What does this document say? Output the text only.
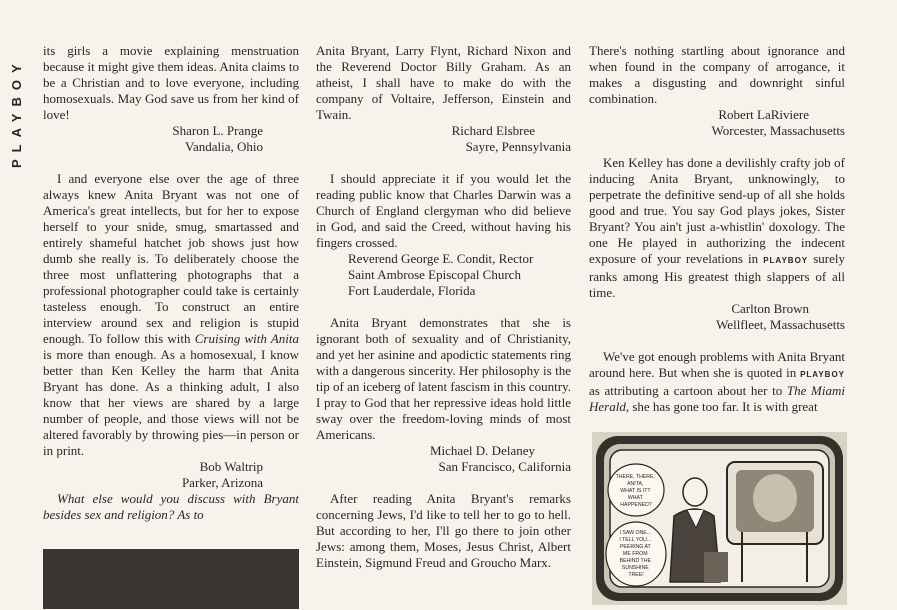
PLAYBOY

its girls a movie explaining menstruation because it might give them ideas. Anita claims to be a Christian and to love everyone, including homosexuals. May God save us from her kind of love!

Sharon L. Prange
Vandalia, Ohio

I and everyone else over the age of three always knew Anita Bryant was not one of America's great intellects, but for her to expose herself to your snide, smug, smartassed and entirely shameful hatchet job shows just how dumb she really is. To deliberately choose the three most unflattering photographs that a professional photographer could take is certainly tasteless enough. To construct an entire interview around sex and religion is stupid enough. To follow this with Cruising with Anita is more than enough. As a homosexual, I know better than Ken Kelley the harm that Anita Bryant has done. As a thinking adult, I also know that her views are shared by a large number of people, and those views will not be altered favorably by throwing pies—in person or in print.

Bob Waltrip
Parker, Arizona

What else would you discuss with Bryant besides sex and religion? As to

Anita Bryant, Larry Flynt, Richard Nixon and the Reverend Doctor Billy Graham. As an atheist, I shall have to make do with the company of Voltaire, Jefferson, Einstein and Twain.

Richard Elsbree
Sayre, Pennsylvania

I should appreciate it if you would let the reading public know that Charles Darwin was a Church of England clergyman who did believe in God, and said the Creed, without having his fingers crossed.

Reverend George E. Condit, Rector
Saint Ambrose Episcopal Church
Fort Lauderdale, Florida

Anita Bryant demonstrates that she is ignorant both of sexuality and of Christianity, and yet her asinine and apodictic statements ring with a dangerous sincerity. Her philosophy is the tip of an iceberg of latent fascism in this country. I pray to God that her repressive ideas hold little sway over the freedom-loving minds of most Americans.

Michael D. Delaney
San Francisco, California

After reading Anita Bryant's remarks concerning Jews, I'd like to tell her to go to hell. But according to her, I'll go there to join other Jews: among them, Moses, Jesus Christ, Albert Einstein, Sigmund Freud and Groucho Marx.

There's nothing startling about ignorance and when found in the company of arrogance, it makes a disgusting and downright sinful combination.

Robert LaRiviere
Worcester, Massachusetts

Ken Kelley has done a devilishly crafty job of inducing Anita Bryant, unknowingly, to perpetrate the definitive send-up of all she holds good and true. You say God plays jokes, Sister Bryant? You ain't just a-whistlin' doxology. The one He played in authorizing the indecent exposure of your revelations in PLAYBOY surely ranks among His greatest thigh slappers of all time.

Carlton Brown
Wellfleet, Massachusetts

We've got enough problems with Anita Bryant around here. But when she is quoted in PLAYBOY as attributing a cartoon about her to The Miami Herald, she has gone too far. It is with great

THERE, THERE, ANITA, WHAT IS IT? WHAT HAPPENED?
I SAW ONE... I TELL YOU... PEERING AT ME FROM BEHIND THE SUNSHINE TREE!
